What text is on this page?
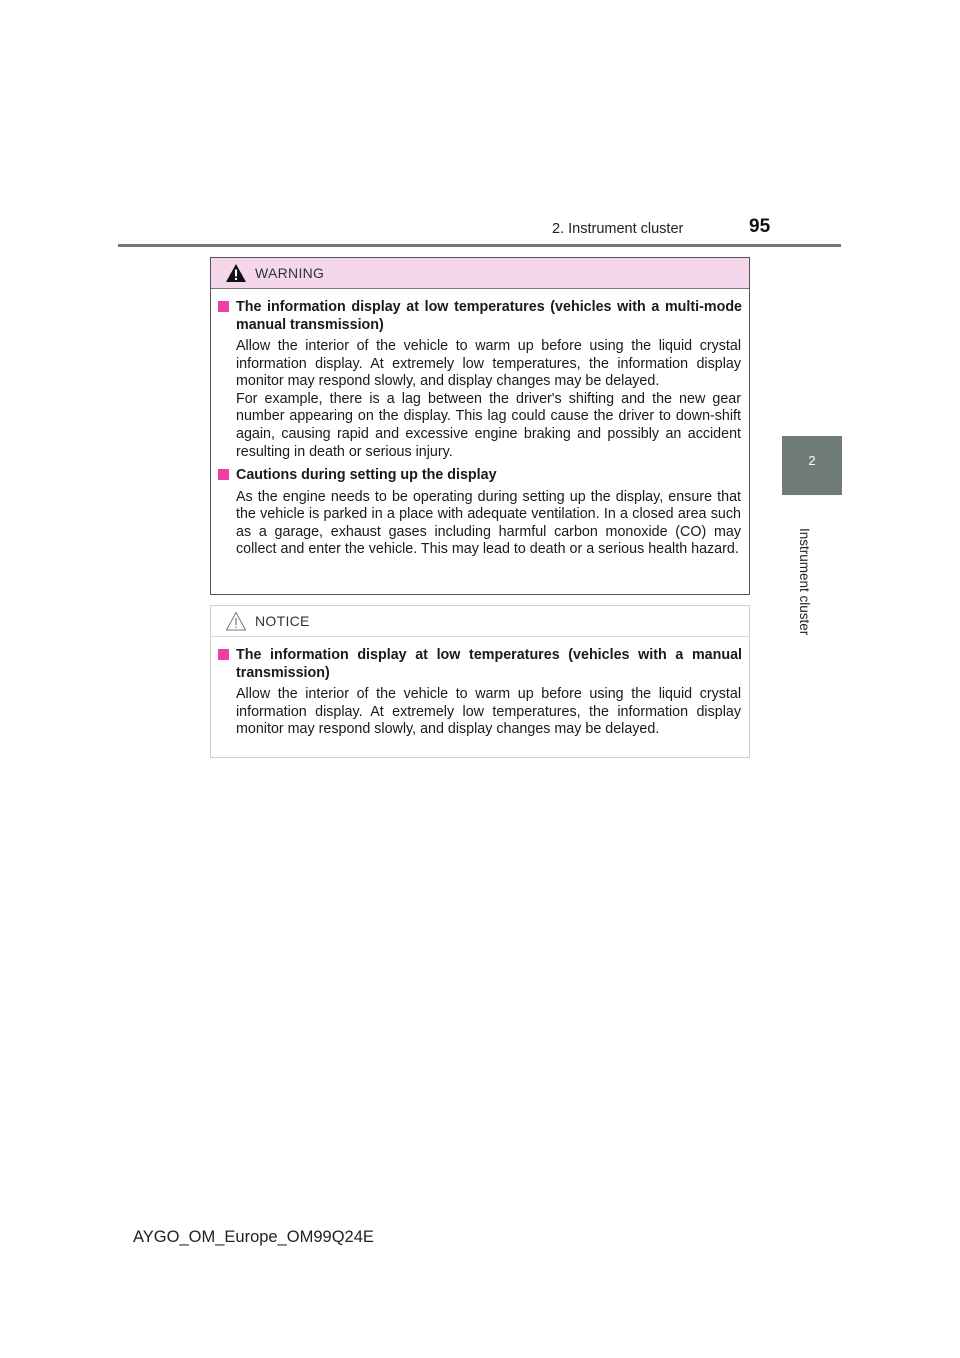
2. Instrument cluster	95
2
Instrument cluster
WARNING
The information display at low temperatures (vehicles with a multi-mode manual transmission)
Allow the interior of the vehicle to warm up before using the liquid crystal information display. At extremely low temperatures, the information display monitor may respond slowly, and display changes may be delayed.
For example, there is a lag between the driver's shifting and the new gear number appearing on the display. This lag could cause the driver to down-shift again, causing rapid and excessive engine braking and possibly an accident resulting in death or serious injury.
Cautions during setting up the display
As the engine needs to be operating during setting up the display, ensure that the vehicle is parked in a place with adequate ventilation. In a closed area such as a garage, exhaust gases including harmful carbon monoxide (CO) may collect and enter the vehicle. This may lead to death or a serious health hazard.
NOTICE
The information display at low temperatures (vehicles with a manual transmission)
Allow the interior of the vehicle to warm up before using the liquid crystal information display. At extremely low temperatures, the information display monitor may respond slowly, and display changes may be delayed.
AYGO_OM_Europe_OM99Q24E
